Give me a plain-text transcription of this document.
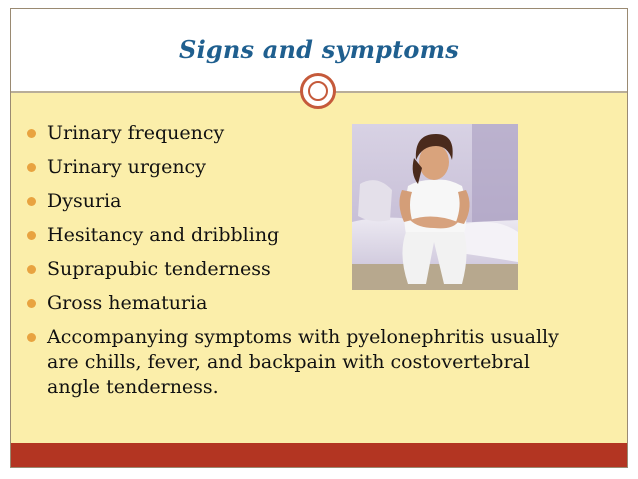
Signs and symptoms
Urinary frequency
Urinary urgency
Dysuria
Hesitancy and dribbling
Suprapubic tenderness
Gross hematuria
Accompanying symptoms with pyelonephritis usually are chills, fever, and backpain with costovertebral angle tenderness.
